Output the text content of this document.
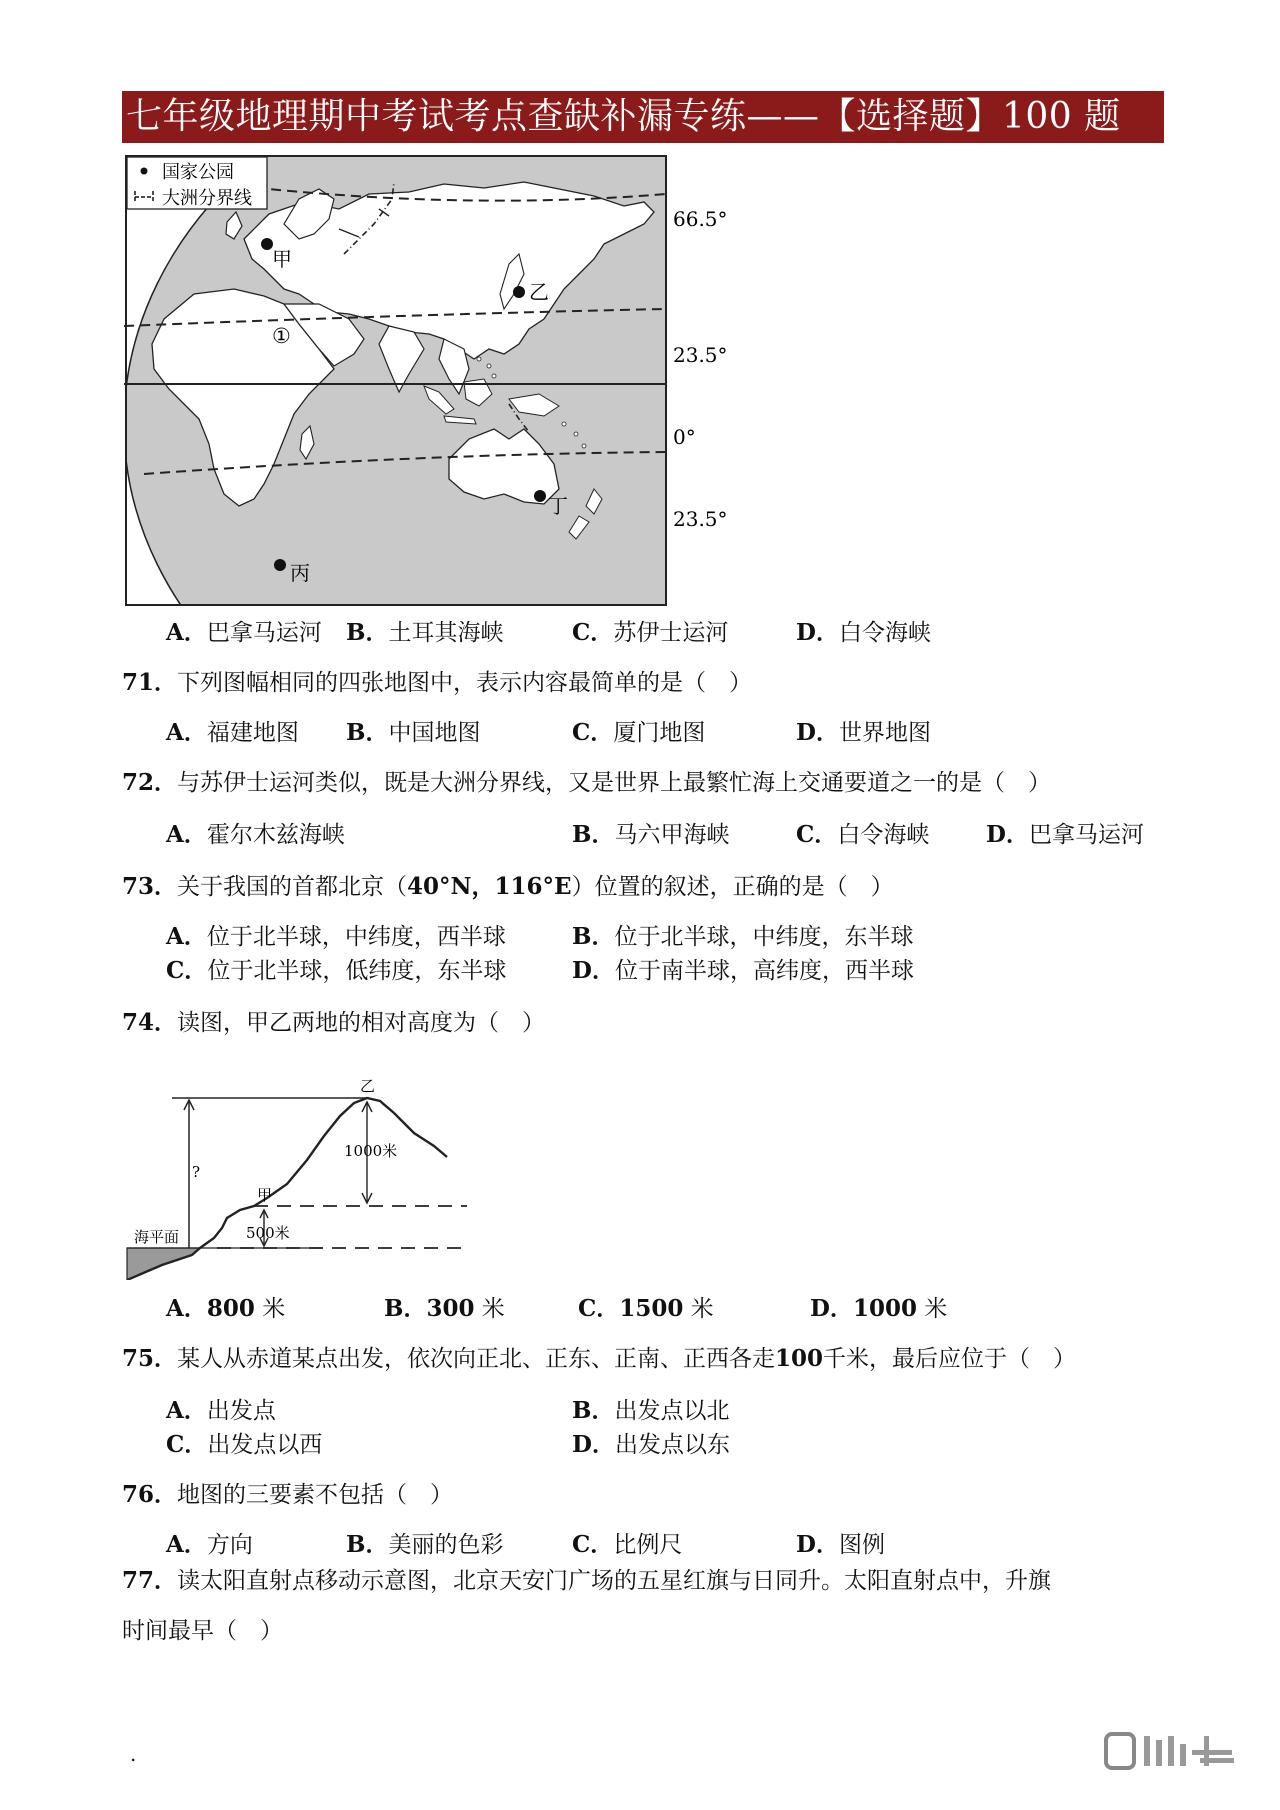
七年级地理期中考试考点查缺补漏专练——【选择题】100 题
国家公园
大洲分界线
66.5°
23.5°
0°
23.5°
甲
乙
丙
丁
①
A．巴拿马运河 B．土耳其海峡	C．苏伊士运河	D．白令海峡
71．下列图幅相同的四张地图中，表示内容最简单的是（　）
A．福建地图 B．中国地图	C．厦门地图	D．世界地图
72．与苏伊士运河类似，既是大洲分界线，又是世界上最繁忙海上交通要道之一的是（　）
A．霍尔木兹海峡	B．马六甲海峡	C．白令海峡 D．巴拿马运河
73．关于我国的首都北京（40°N，116°E）位置的叙述，正确的是（　）
A．位于北半球，中纬度，西半球	B．位于北半球，中纬度，东半球
C．位于北半球，低纬度，东半球	D．位于南半球，高纬度，西半球
74．读图，甲乙两地的相对高度为（　）
乙
甲
1000米
500米
海平面
?
A．800 米	B．300 米	C．1500 米	D．1000 米
75．某人从赤道某点出发，依次向正北、正东、正南、正西各走100千米，最后应位于（　）
A．出发点	B．出发点以北
C．出发点以西	D．出发点以东
76．地图的三要素不包括（　）
A．方向	B．美丽的色彩	C．比例尺	D．图例
77．读太阳直射点移动示意图，北京天安门广场的五星红旗与日同升。太阳直射点中，升旗
时间最早（　）
.
